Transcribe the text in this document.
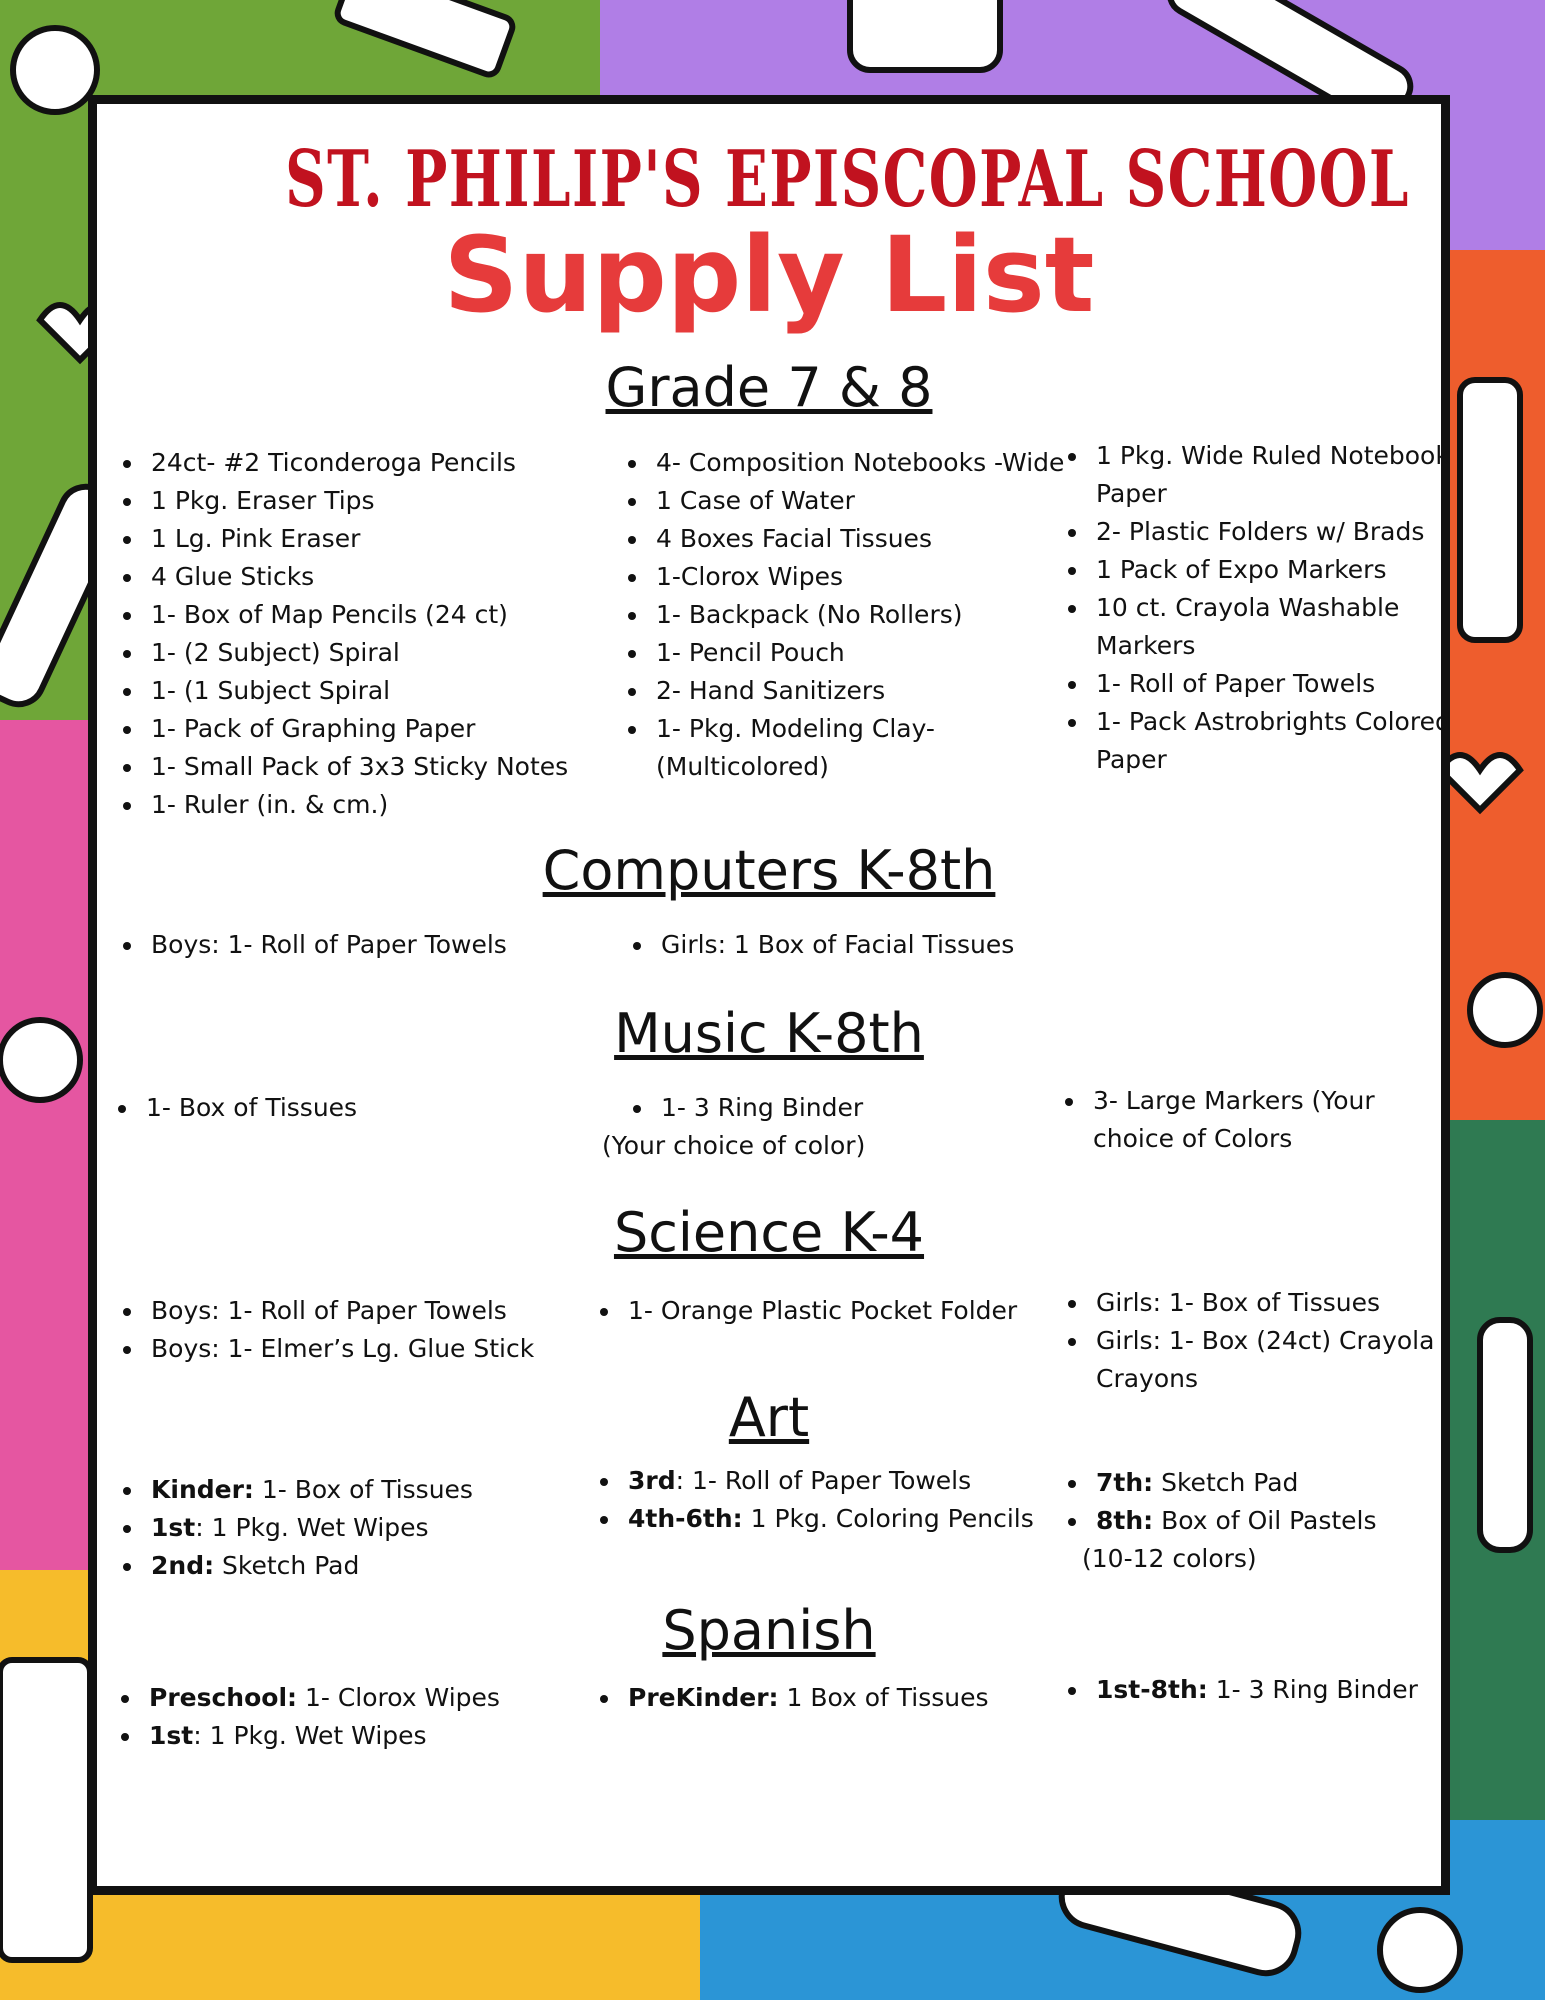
ST. PHILIP'S EPISCOPAL SCHOOL
Supply List
Grade 7 & 8
• 24ct- #2 Ticonderoga Pencils
• 1 Pkg. Eraser Tips
• 1 Lg. Pink Eraser
• 4 Glue Sticks
• 1- Box of Map Pencils (24 ct)
• 1- (2 Subject) Spiral
• 1- (1 Subject Spiral
• 1- Pack of Graphing Paper
• 1- Small Pack of 3x3 Sticky Notes
• 1- Ruler (in. & cm.)
• 4- Composition Notebooks -Wide
• 1 Case of Water
• 4 Boxes Facial Tissues
• 1-Clorox Wipes
• 1- Backpack (No Rollers)
• 1- Pencil Pouch
• 2- Hand Sanitizers
• 1- Pkg. Modeling Clay- (Multicolored)
• 1 Pkg. Wide Ruled Notebook Paper
• 2- Plastic Folders w/ Brads
• 1 Pack of Expo Markers
• 10 ct. Crayola Washable Markers
• 1- Roll of Paper Towels
• 1- Pack Astrobrights Colored Paper
Computers K-8th
• Boys: 1- Roll of Paper Towels	• Girls: 1 Box of Facial Tissues
Music K-8th
• 1- Box of Tissues	• 1- 3 Ring Binder
(Your choice of color)
• 3- Large Markers (Your choice of Colors
Science K-4
• Boys: 1- Roll of Paper Towels
• Boys: 1- Elmer’s Lg. Glue Stick
• 1- Orange Plastic Pocket Folder	• Girls: 1- Box of Tissues
• Girls: 1- Box (24ct) Crayola Crayons
Art
• Kinder: 1- Box of Tissues
• 1st: 1 Pkg. Wet Wipes
• 2nd: Sketch Pad
• 3rd: 1- Roll of Paper Towels
• 4th-6th: 1 Pkg. Coloring Pencils
• 7th: Sketch Pad
• 8th: Box of Oil Pastels
(10-12 colors)
Spanish
• Preschool: 1- Clorox Wipes
• 1st: 1 Pkg. Wet Wipes
• PreKinder: 1 Box of Tissues	• 1st-8th: 1- 3 Ring Binder
